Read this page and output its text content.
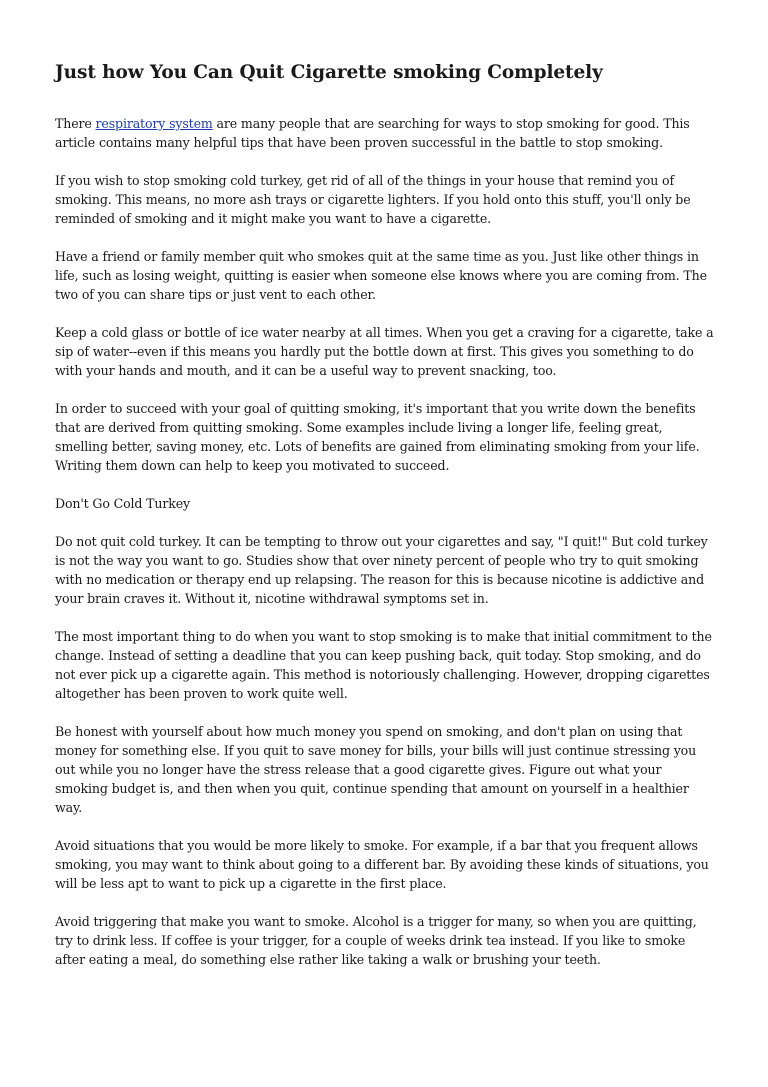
Just how You Can Quit Cigarette smoking Completely

There respiratory system are many people that are searching for ways to stop smoking for good. This article contains many helpful tips that have been proven successful in the battle to stop smoking.

If you wish to stop smoking cold turkey, get rid of all of the things in your house that remind you of smoking. This means, no more ash trays or cigarette lighters. If you hold onto this stuff, you'll only be reminded of smoking and it might make you want to have a cigarette.

Have a friend or family member quit who smokes quit at the same time as you. Just like other things in life, such as losing weight, quitting is easier when someone else knows where you are coming from. The two of you can share tips or just vent to each other.

Keep a cold glass or bottle of ice water nearby at all times. When you get a craving for a cigarette, take a sip of water--even if this means you hardly put the bottle down at first. This gives you something to do with your hands and mouth, and it can be a useful way to prevent snacking, too.

In order to succeed with your goal of quitting smoking, it's important that you write down the benefits that are derived from quitting smoking. Some examples include living a longer life, feeling great, smelling better, saving money, etc. Lots of benefits are gained from eliminating smoking from your life. Writing them down can help to keep you motivated to succeed.

Don't Go Cold Turkey

Do not quit cold turkey. It can be tempting to throw out your cigarettes and say, "I quit!" But cold turkey is not the way you want to go. Studies show that over ninety percent of people who try to quit smoking with no medication or therapy end up relapsing. The reason for this is because nicotine is addictive and your brain craves it. Without it, nicotine withdrawal symptoms set in.

The most important thing to do when you want to stop smoking is to make that initial commitment to the change. Instead of setting a deadline that you can keep pushing back, quit today. Stop smoking, and do not ever pick up a cigarette again. This method is notoriously challenging. However, dropping cigarettes altogether has been proven to work quite well.

Be honest with yourself about how much money you spend on smoking, and don't plan on using that money for something else. If you quit to save money for bills, your bills will just continue stressing you out while you no longer have the stress release that a good cigarette gives. Figure out what your smoking budget is, and then when you quit, continue spending that amount on yourself in a healthier way.

Avoid situations that you would be more likely to smoke. For example, if a bar that you frequent allows smoking, you may want to think about going to a different bar. By avoiding these kinds of situations, you will be less apt to want to pick up a cigarette in the first place.

Avoid triggering that make you want to smoke. Alcohol is a trigger for many, so when you are quitting, try to drink less. If coffee is your trigger, for a couple of weeks drink tea instead. If you like to smoke after eating a meal, do something else rather like taking a walk or brushing your teeth.
